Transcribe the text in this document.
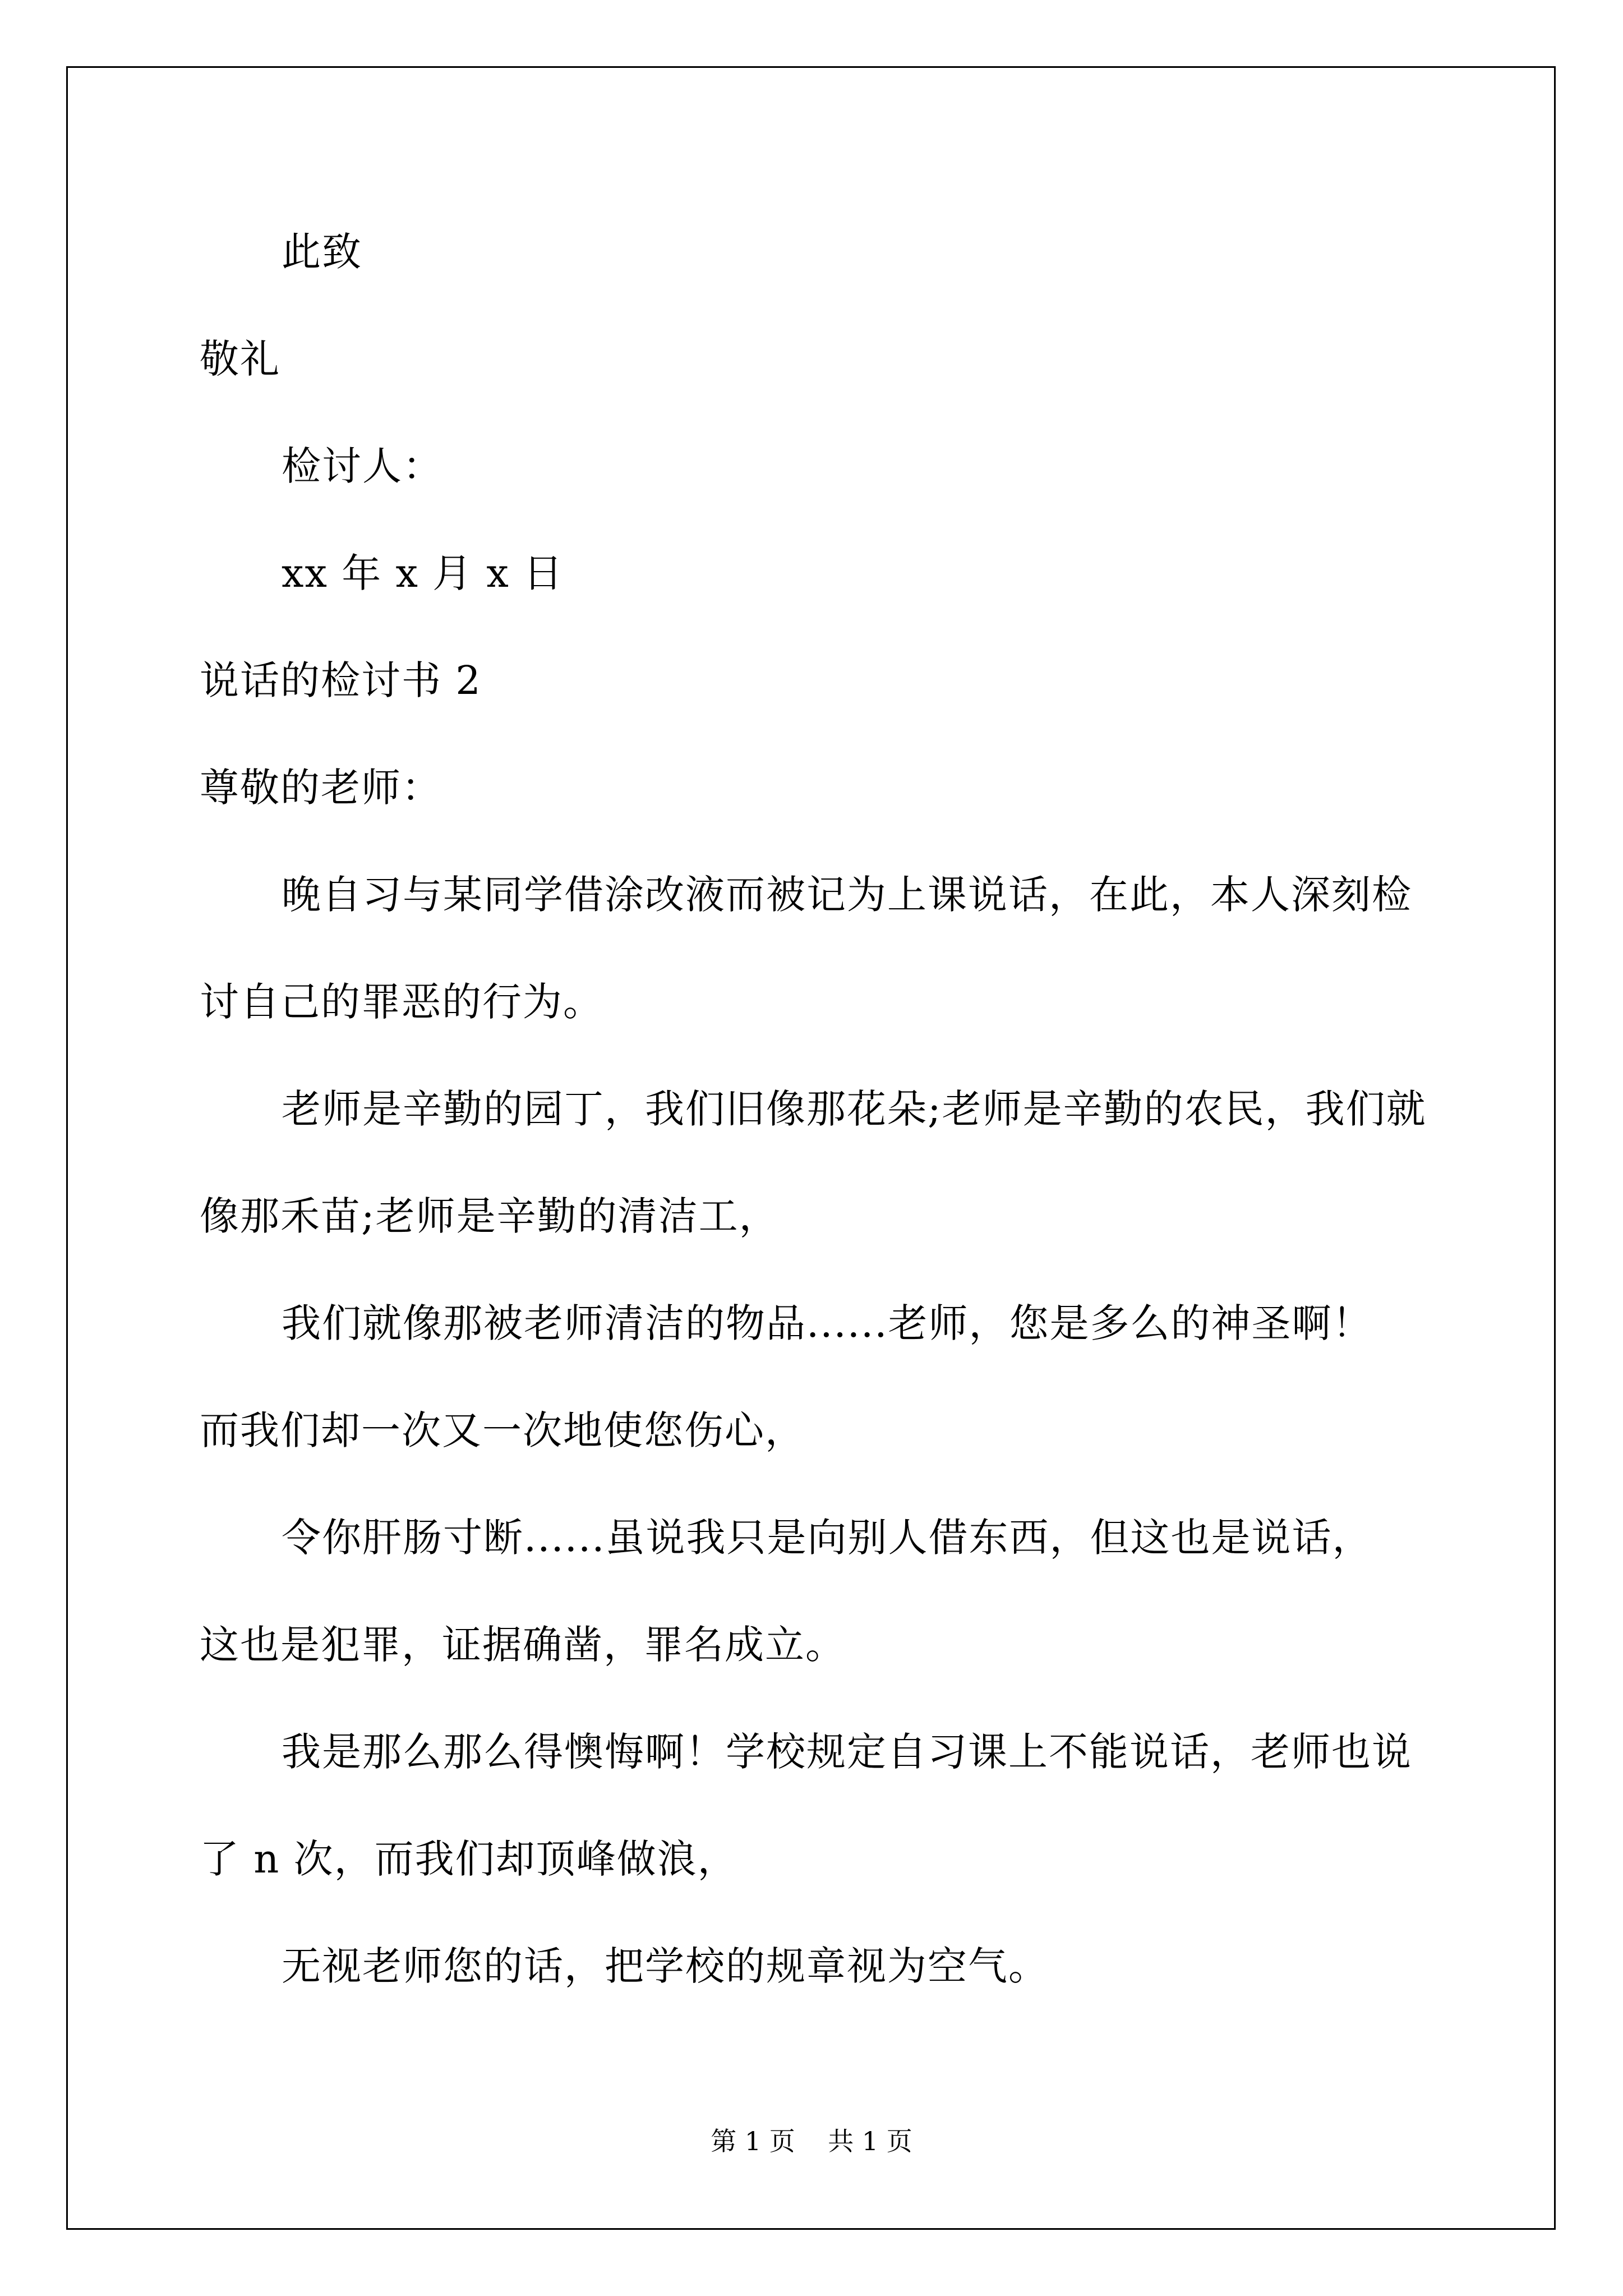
此致
敬礼
检讨人：
xx 年 x 月 x 日
说话的检讨书 2
尊敬的老师：
晚自习与某同学借涂改液而被记为上课说话，在此，本人深刻检
讨自己的罪恶的行为。
老师是辛勤的园丁，我们旧像那花朵;老师是辛勤的农民，我们就
像那禾苗;老师是辛勤的清洁工，
我们就像那被老师清洁的物品......老师，您是多么的神圣啊！
而我们却一次又一次地使您伤心，
令你肝肠寸断......虽说我只是向别人借东西，但这也是说话，
这也是犯罪，证据确凿，罪名成立。
我是那么那么得懊悔啊！学校规定自习课上不能说话，老师也说
了 n 次，而我们却顶峰做浪，
无视老师您的话，把学校的规章视为空气。
第 1 页    共 1 页
